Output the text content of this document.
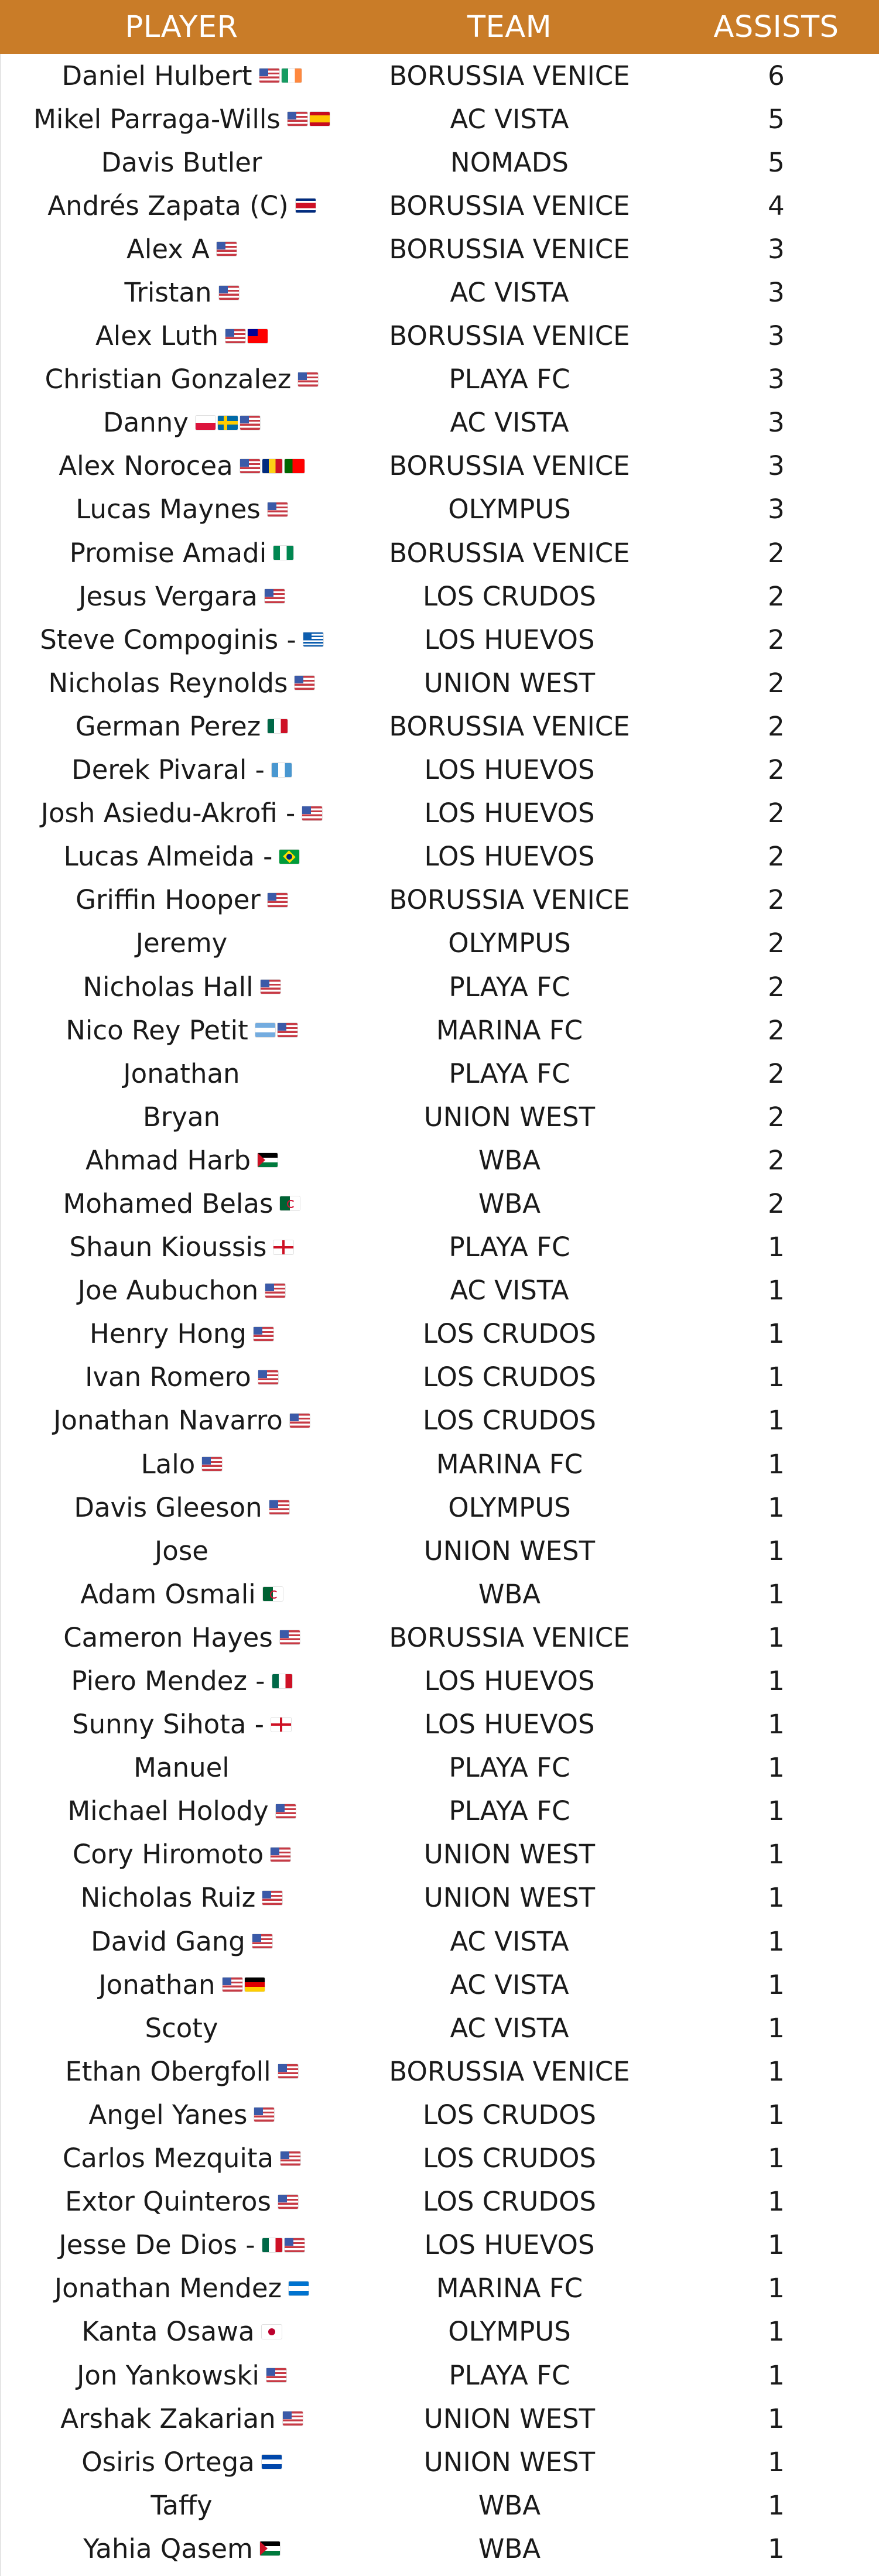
PLAYER	TEAM	ASSISTS
Daniel Hulbert	BORUSSIA VENICE	6
Mikel Parraga-Wills	AC VISTA	5
Davis Butler	NOMADS	5
Andrés Zapata (C)	BORUSSIA VENICE	4
Alex A	BORUSSIA VENICE	3
Tristan	AC VISTA	3
Alex Luth	BORUSSIA VENICE	3
Christian Gonzalez	PLAYA FC	3
Danny	AC VISTA	3
Alex Norocea	BORUSSIA VENICE	3
Lucas Maynes	OLYMPUS	3
Promise Amadi	BORUSSIA VENICE	2
Jesus Vergara	LOS CRUDOS	2
Steve Compoginis -	LOS HUEVOS	2
Nicholas Reynolds	UNION WEST	2
German Perez	BORUSSIA VENICE	2
Derek Pivaral -	LOS HUEVOS	2
Josh Asiedu-Akrofi -	LOS HUEVOS	2
Lucas Almeida -	LOS HUEVOS	2
Griffin Hooper	BORUSSIA VENICE	2
Jeremy	OLYMPUS	2
Nicholas Hall	PLAYA FC	2
Nico Rey Petit	MARINA FC	2
Jonathan	PLAYA FC	2
Bryan	UNION WEST	2
Ahmad Harb	WBA	2
Mohamed Belas	WBA	2
Shaun Kioussis	PLAYA FC	1
Joe Aubuchon	AC VISTA	1
Henry Hong	LOS CRUDOS	1
Ivan Romero	LOS CRUDOS	1
Jonathan Navarro	LOS CRUDOS	1
Lalo	MARINA FC	1
Davis Gleeson	OLYMPUS	1
Jose	UNION WEST	1
Adam Osmali	WBA	1
Cameron Hayes	BORUSSIA VENICE	1
Piero Mendez -	LOS HUEVOS	1
Sunny Sihota -	LOS HUEVOS	1
Manuel	PLAYA FC	1
Michael Holody	PLAYA FC	1
Cory Hiromoto	UNION WEST	1
Nicholas Ruiz	UNION WEST	1
David Gang	AC VISTA	1
Jonathan	AC VISTA	1
Scoty	AC VISTA	1
Ethan Obergfoll	BORUSSIA VENICE	1
Angel Yanes	LOS CRUDOS	1
Carlos Mezquita	LOS CRUDOS	1
Extor Quinteros	LOS CRUDOS	1
Jesse De Dios -	LOS HUEVOS	1
Jonathan Mendez	MARINA FC	1
Kanta Osawa	OLYMPUS	1
Jon Yankowski	PLAYA FC	1
Arshak Zakarian	UNION WEST	1
Osiris Ortega	UNION WEST	1
Taffy	WBA	1
Yahia Qasem	WBA	1
